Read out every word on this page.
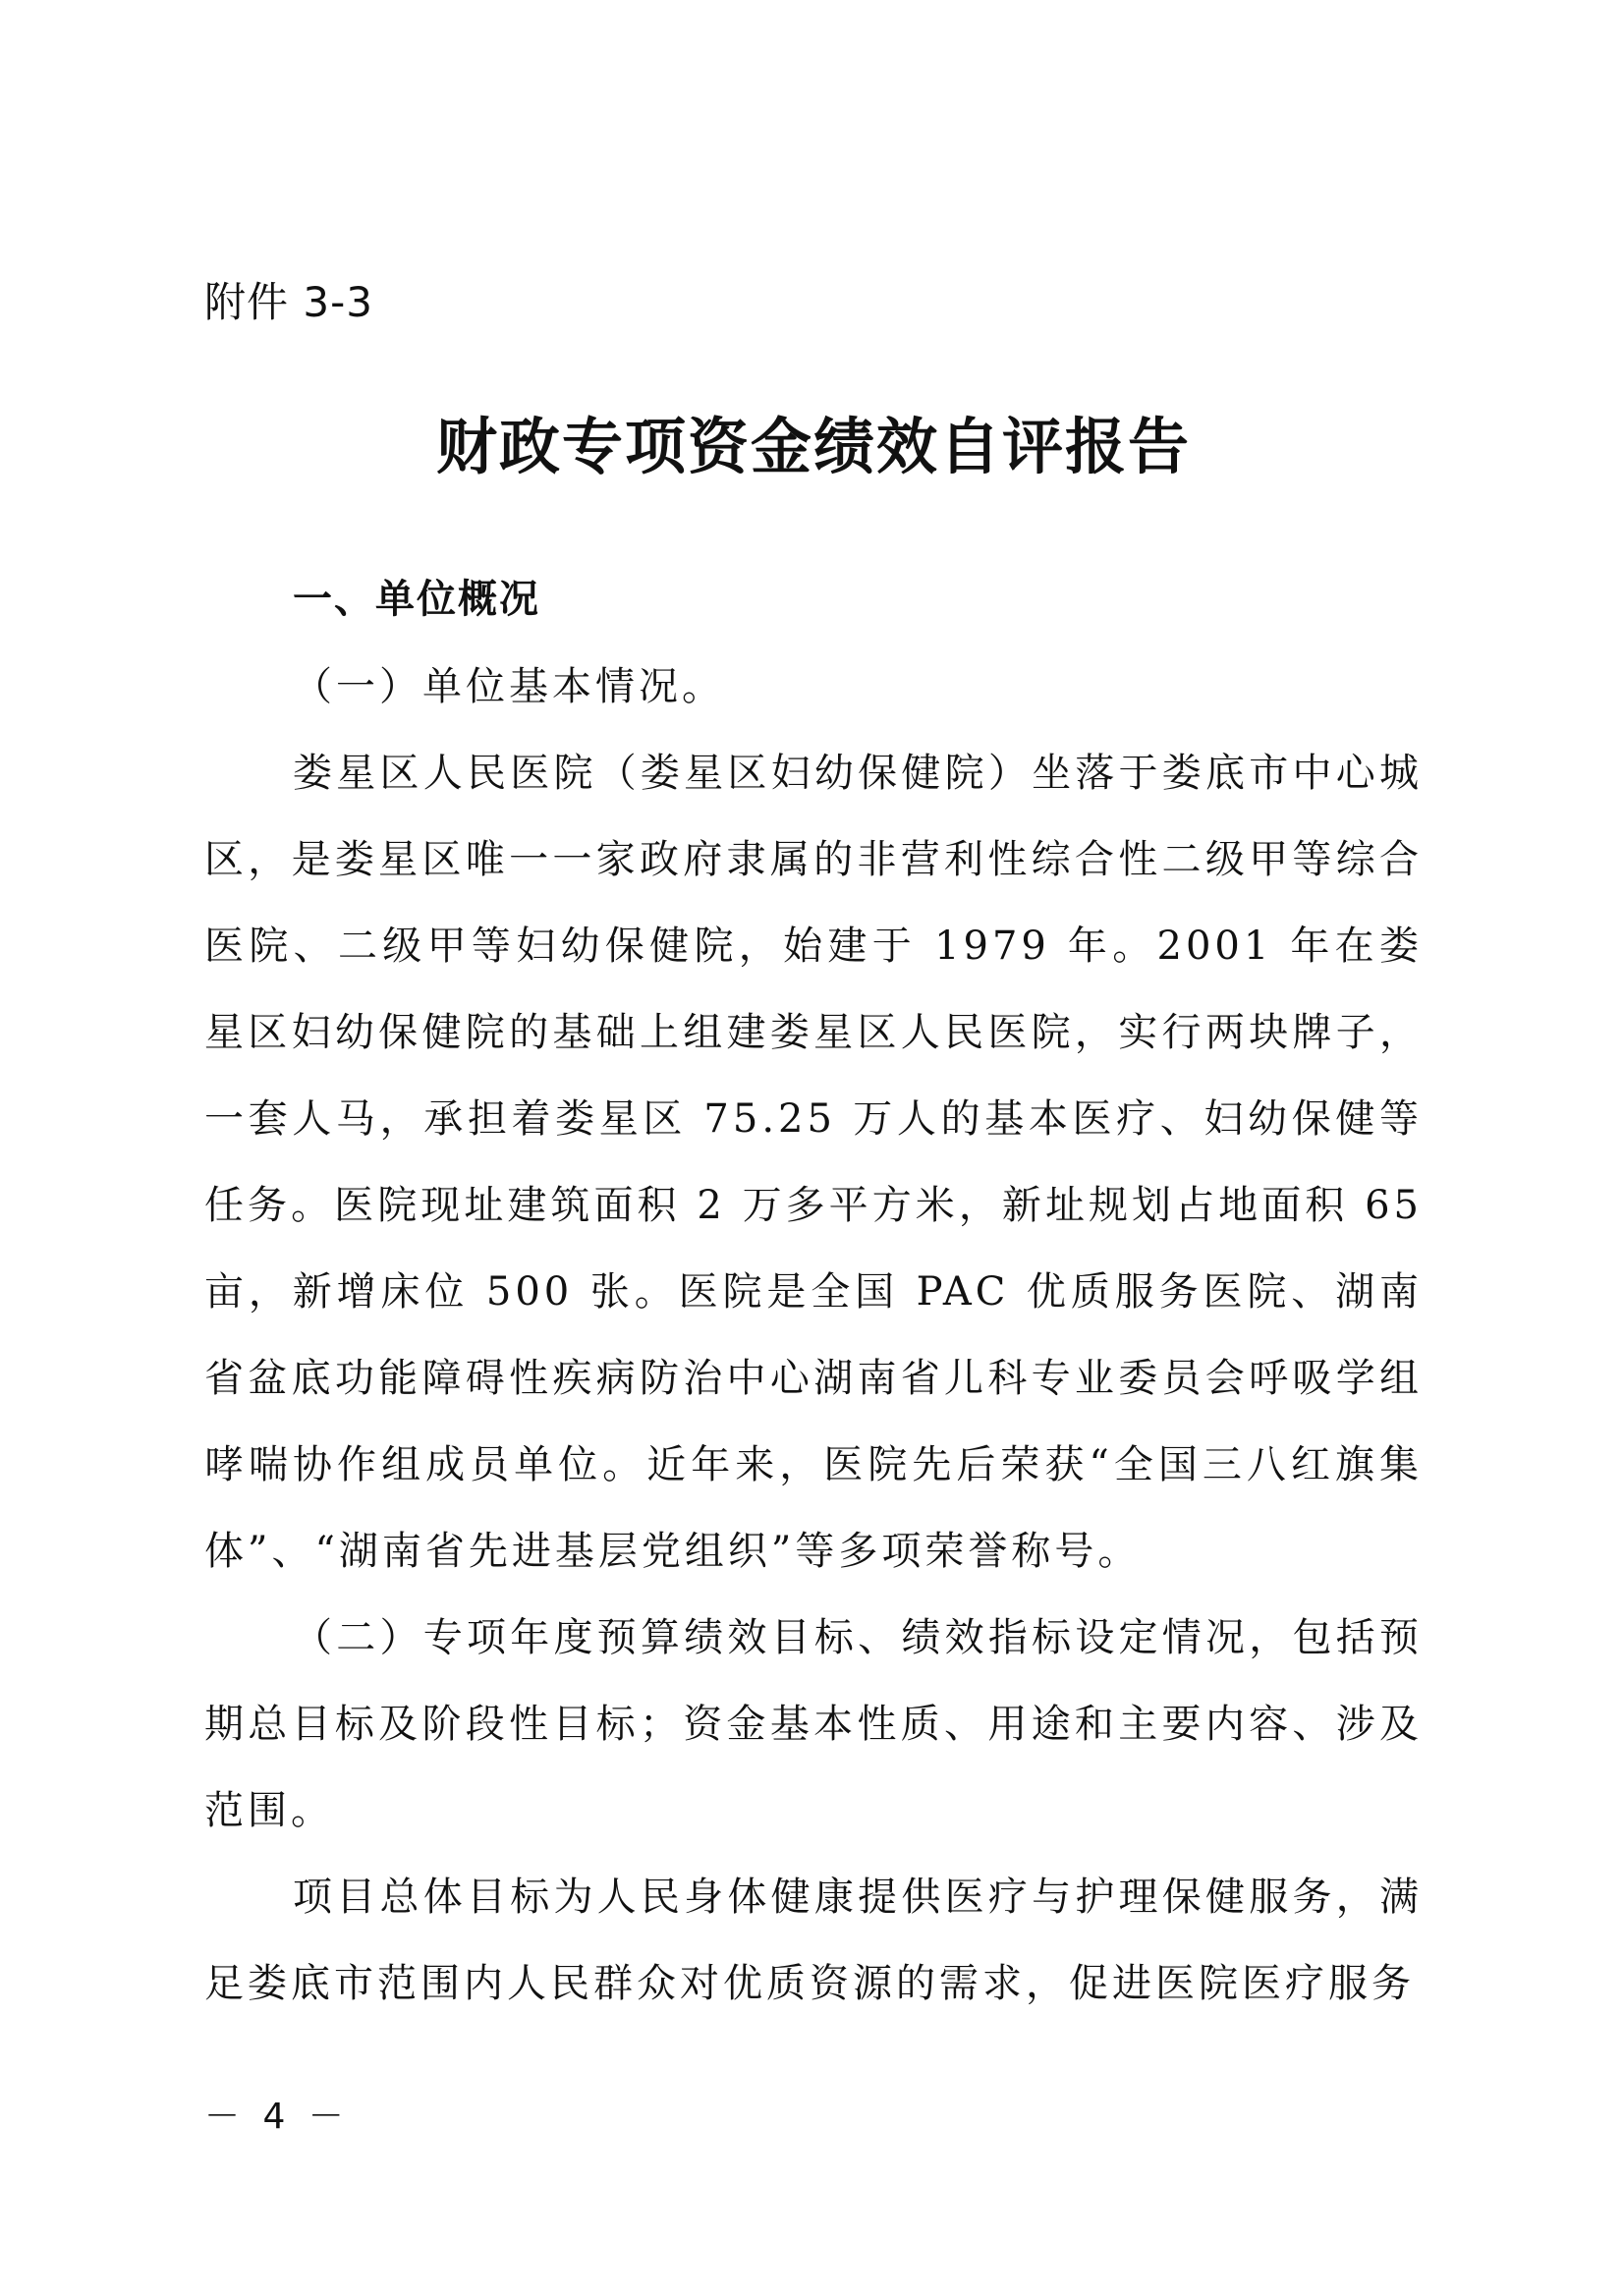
附件 3-3
财政专项资金绩效自评报告
一、单位概况

（一）单位基本情况。

娄星区人民医院（娄星区妇幼保健院）坐落于娄底市中心城区，是娄星区唯一一家政府隶属的非营利性综合性二级甲等综合医院、二级甲等妇幼保健院，始建于 1979 年。2001 年在娄星区妇幼保健院的基础上组建娄星区人民医院，实行两块牌子，一套人马，承担着娄星区 75.25 万人的基本医疗、妇幼保健等任务。医院现址建筑面积 2 万多平方米，新址规划占地面积 65 亩，新增床位 500 张。医院是全国 PAC 优质服务医院、湖南省盆底功能障碍性疾病防治中心湖南省儿科专业委员会呼吸学组哮喘协作组成员单位。近年来，医院先后荣获“全国三八红旗集体”、“湖南省先进基层党组织”等多项荣誉称号。

（二）专项年度预算绩效目标、绩效指标设定情况，包括预期总目标及阶段性目标；资金基本性质、用途和主要内容、涉及范围。

项目总体目标为人民身体健康提供医疗与护理保健服务，满足娄底市范围内人民群众对优质资源的需求，促进医院医疗服务

－ 4 －
